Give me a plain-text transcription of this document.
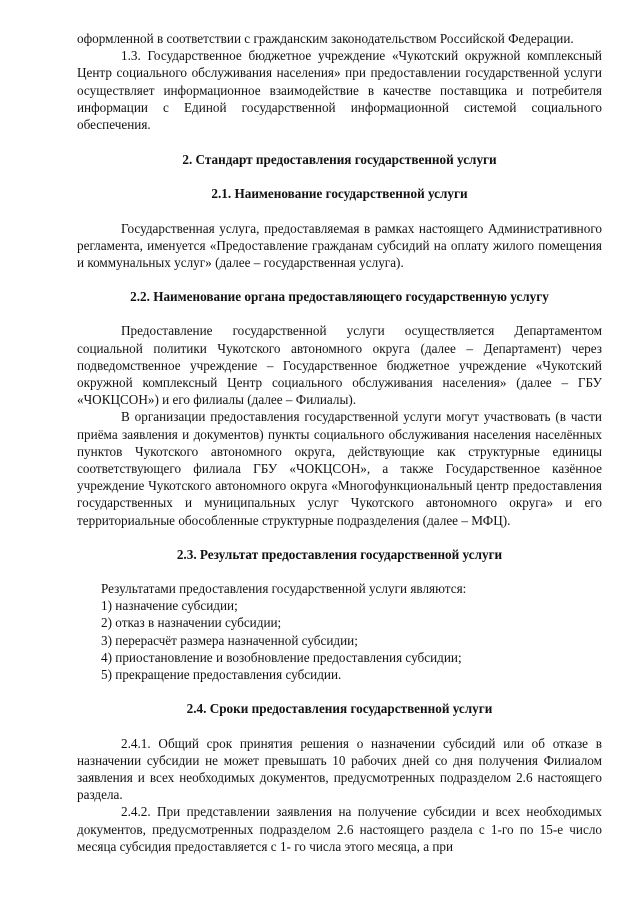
оформленной в соответствии с гражданским законодательством Российской Федерации.

1.3. Государственное бюджетное учреждение «Чукотский окружной комплексный Центр социального обслуживания населения» при предоставлении государственной услуги осуществляет информационное взаимодействие в качестве поставщика и потребителя информации с Единой государственной информационной системой социального обеспечения.

2. Стандарт предоставления государственной услуги

2.1. Наименование государственной услуги

Государственная услуга, предоставляемая в рамках настоящего Административного регламента, именуется «Предоставление гражданам субсидий на оплату жилого помещения и коммунальных услуг» (далее – государственная услуга).

2.2. Наименование органа предоставляющего государственную услугу

Предоставление государственной услуги осуществляется Департаментом социальной политики Чукотского автономного округа (далее – Департамент) через подведомственное учреждение – Государственное бюджетное учреждение «Чукотский окружной комплексный Центр социального обслуживания населения» (далее – ГБУ «ЧОКЦСОН») и его филиалы (далее – Филиалы).

В организации предоставления государственной услуги могут участвовать (в части приёма заявления и документов) пункты социального обслуживания населения населённых пунктов Чукотского автономного округа, действующие как структурные единицы соответствующего филиала ГБУ «ЧОКЦСОН», а также Государственное казённое учреждение Чукотского автономного округа «Многофункциональный центр предоставления государственных и муниципальных услуг Чукотского автономного округа» и его территориальные обособленные структурные подразделения (далее – МФЦ).

2.3. Результат предоставления государственной услуги

Результатами предоставления государственной услуги являются:

1) назначение субсидии;

2) отказ в назначении субсидии;

3) перерасчёт размера назначенной субсидии;

4) приостановление и возобновление предоставления субсидии;

5) прекращение предоставления субсидии.

2.4. Сроки предоставления государственной услуги

2.4.1. Общий срок принятия решения о назначении субсидий или об отказе в назначении субсидии не может превышать 10 рабочих дней со дня получения Филиалом заявления и всех необходимых документов, предусмотренных подразделом 2.6 настоящего раздела.

2.4.2. При представлении заявления на получение субсидии и всех необходимых документов, предусмотренных подразделом 2.6 настоящего раздела с 1-го по 15-е число месяца субсидия предоставляется с 1- го числа этого месяца, а при
